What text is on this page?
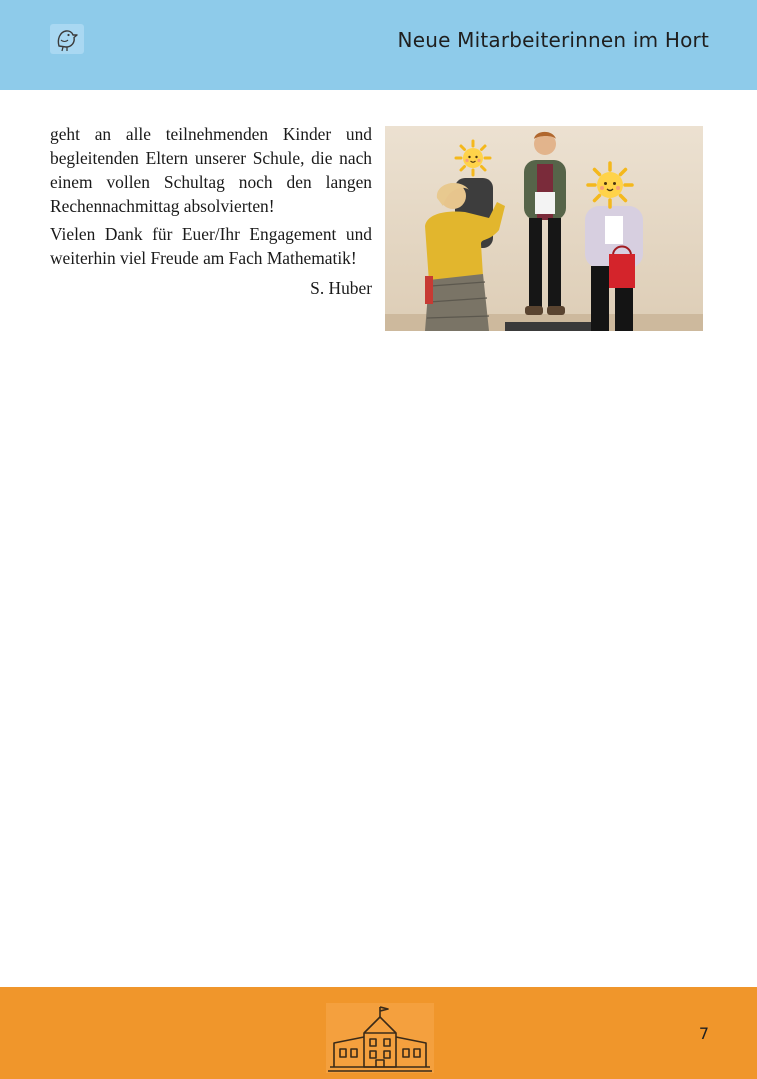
Neue Mitarbeiterinnen im Hort

geht an alle teilnehmenden Kinder und begleitenden Eltern unserer Schule, die nach einem vollen Schultag noch den langen Rechennachmittag absolvierten!

Vielen Dank für Euer/Ihr Engagement und weiterhin viel Freude am Fach Mathematik!

S. Huber

7
